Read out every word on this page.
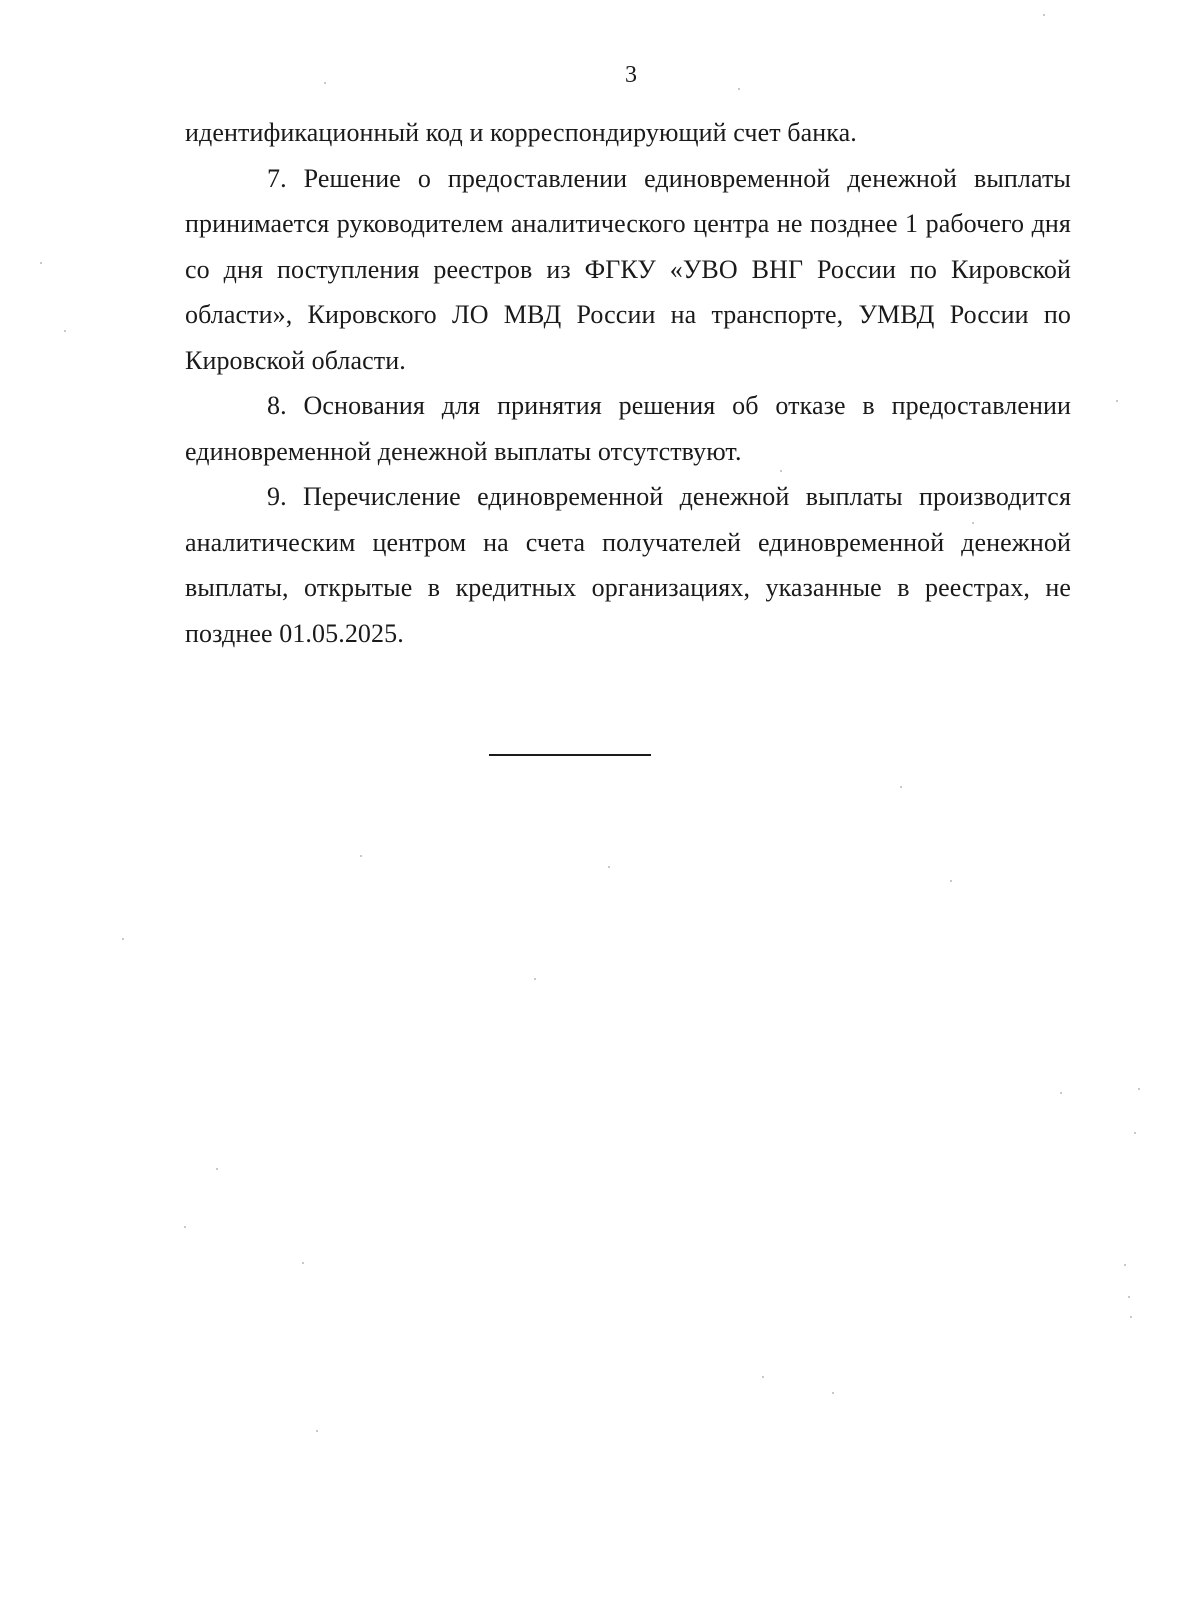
3

идентификационный код и корреспондирующий счет банка.

7. Решение о предоставлении единовременной денежной выплаты принимается руководителем аналитического центра не позднее 1 рабочего дня со дня поступления реестров из ФГКУ «УВО ВНГ России по Кировской области», Кировского ЛО МВД России на транспорте, УМВД России по Кировской области.

8. Основания для принятия решения об отказе в предоставлении единовременной денежной выплаты отсутствуют.

9. Перечисление единовременной денежной выплаты производится аналитическим центром на счета получателей единовременной денежной выплаты, открытые в кредитных организациях, указанные в реестрах, не позднее 01.05.2025.
